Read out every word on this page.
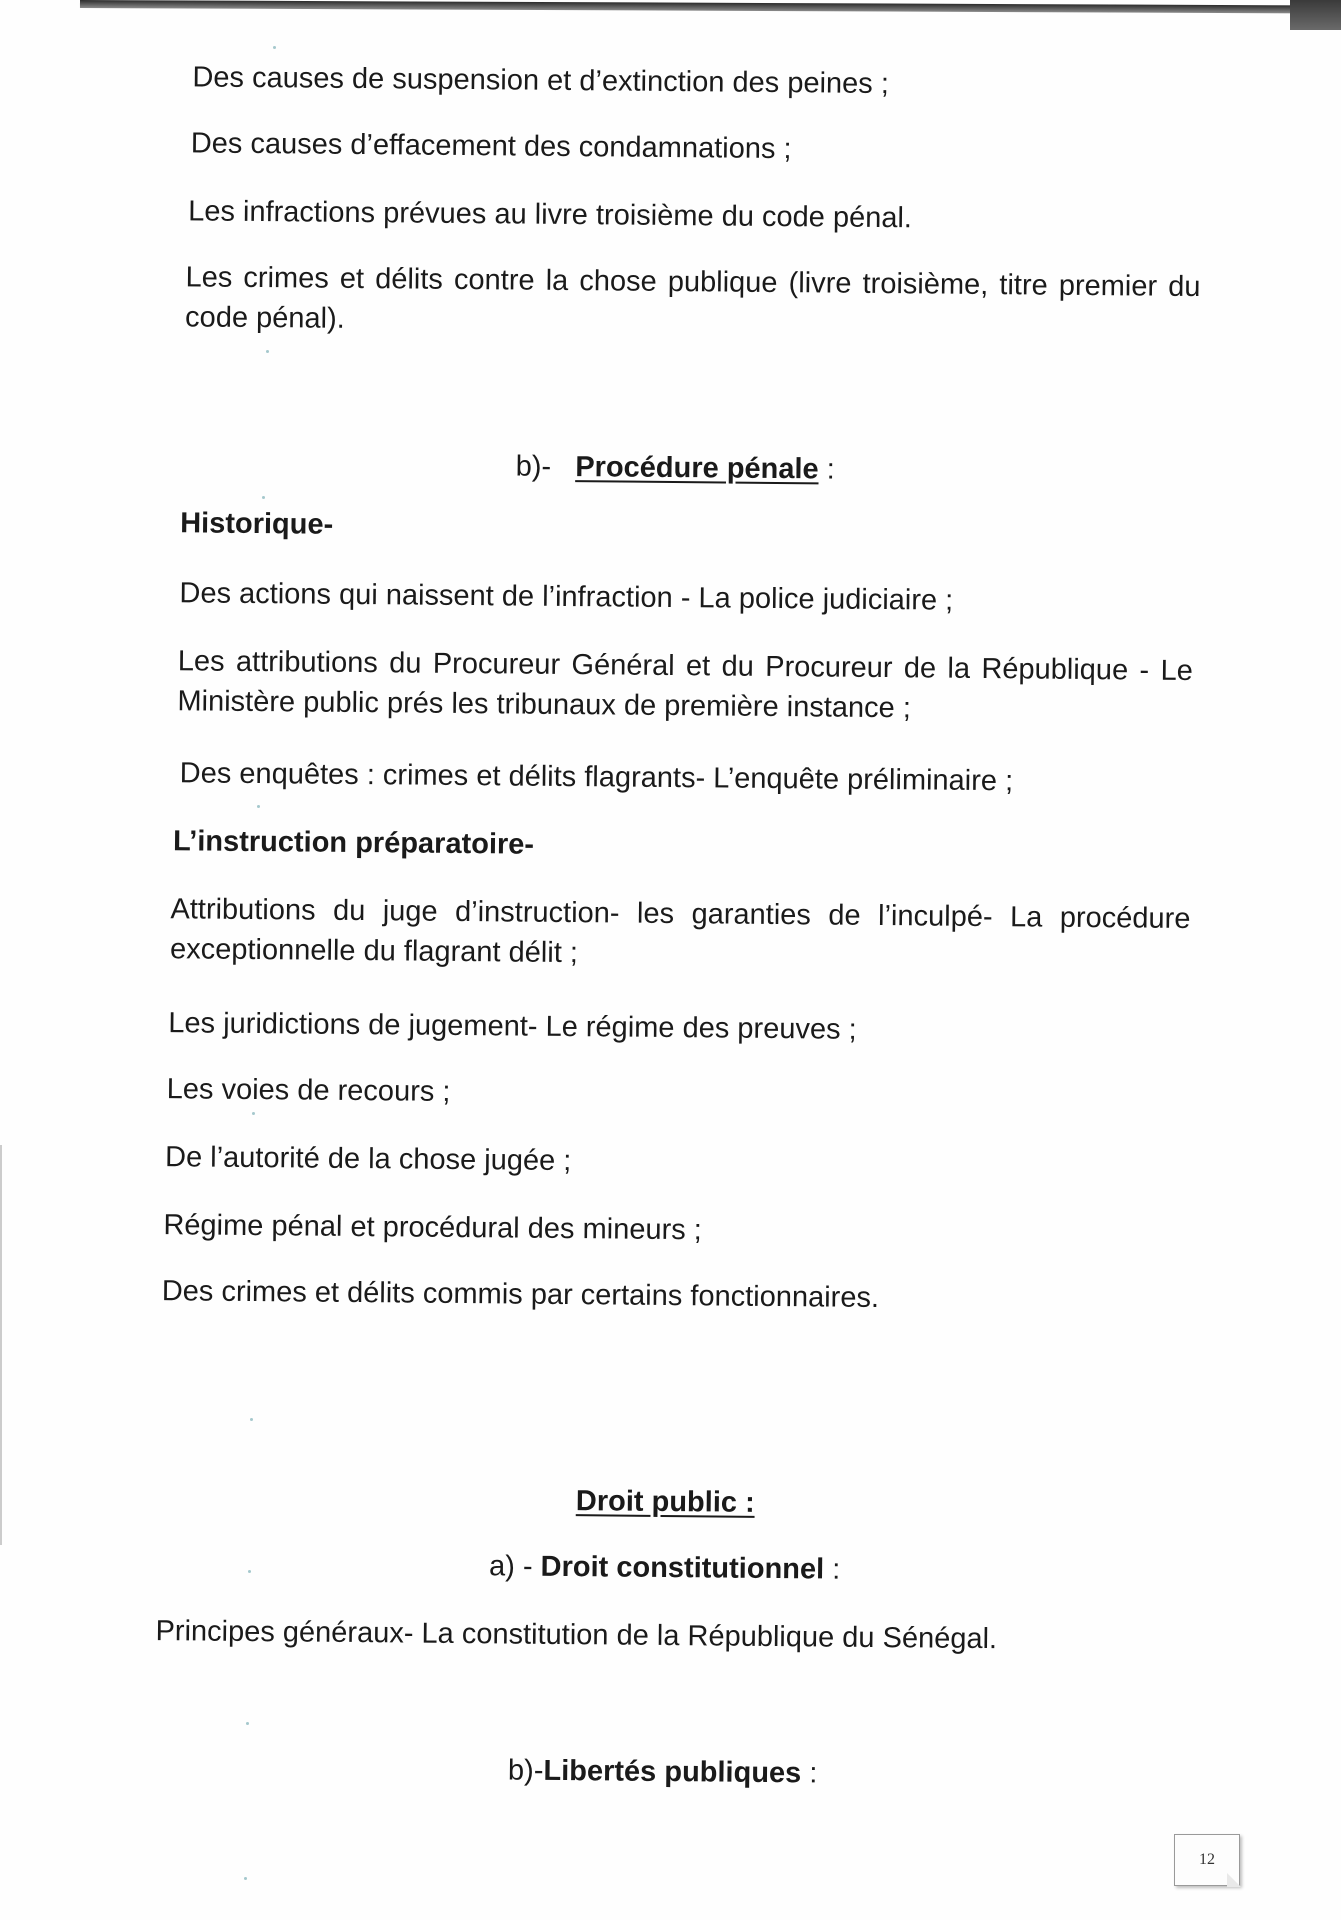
Des causes de suspension et d’extinction des peines ;
Des causes d’effacement des condamnations ;
Les infractions prévues au livre troisième du code pénal.
Les crimes et délits contre la chose publique (livre troisième, titre premier du code pénal).
b)- Procédure pénale :
Historique-
Des actions qui naissent de l’infraction - La police judiciaire ;
Les attributions du Procureur Général et du Procureur de la République - Le Ministère public prés les tribunaux de première instance ;
Des enquêtes : crimes et délits flagrants- L’enquête préliminaire ;
L’instruction préparatoire-
Attributions du juge d’instruction- les garanties de l’inculpé- La procédure exceptionnelle du flagrant délit ;
Les juridictions de jugement- Le régime des preuves ;
Les voies de recours ;
De l’autorité de la chose jugée ;
Régime pénal et procédural des mineurs ;
Des crimes et délits commis par certains fonctionnaires.
Droit public :
a) - Droit constitutionnel :
Principes généraux- La constitution de la République du Sénégal.
b)-Libertés publiques :
12
